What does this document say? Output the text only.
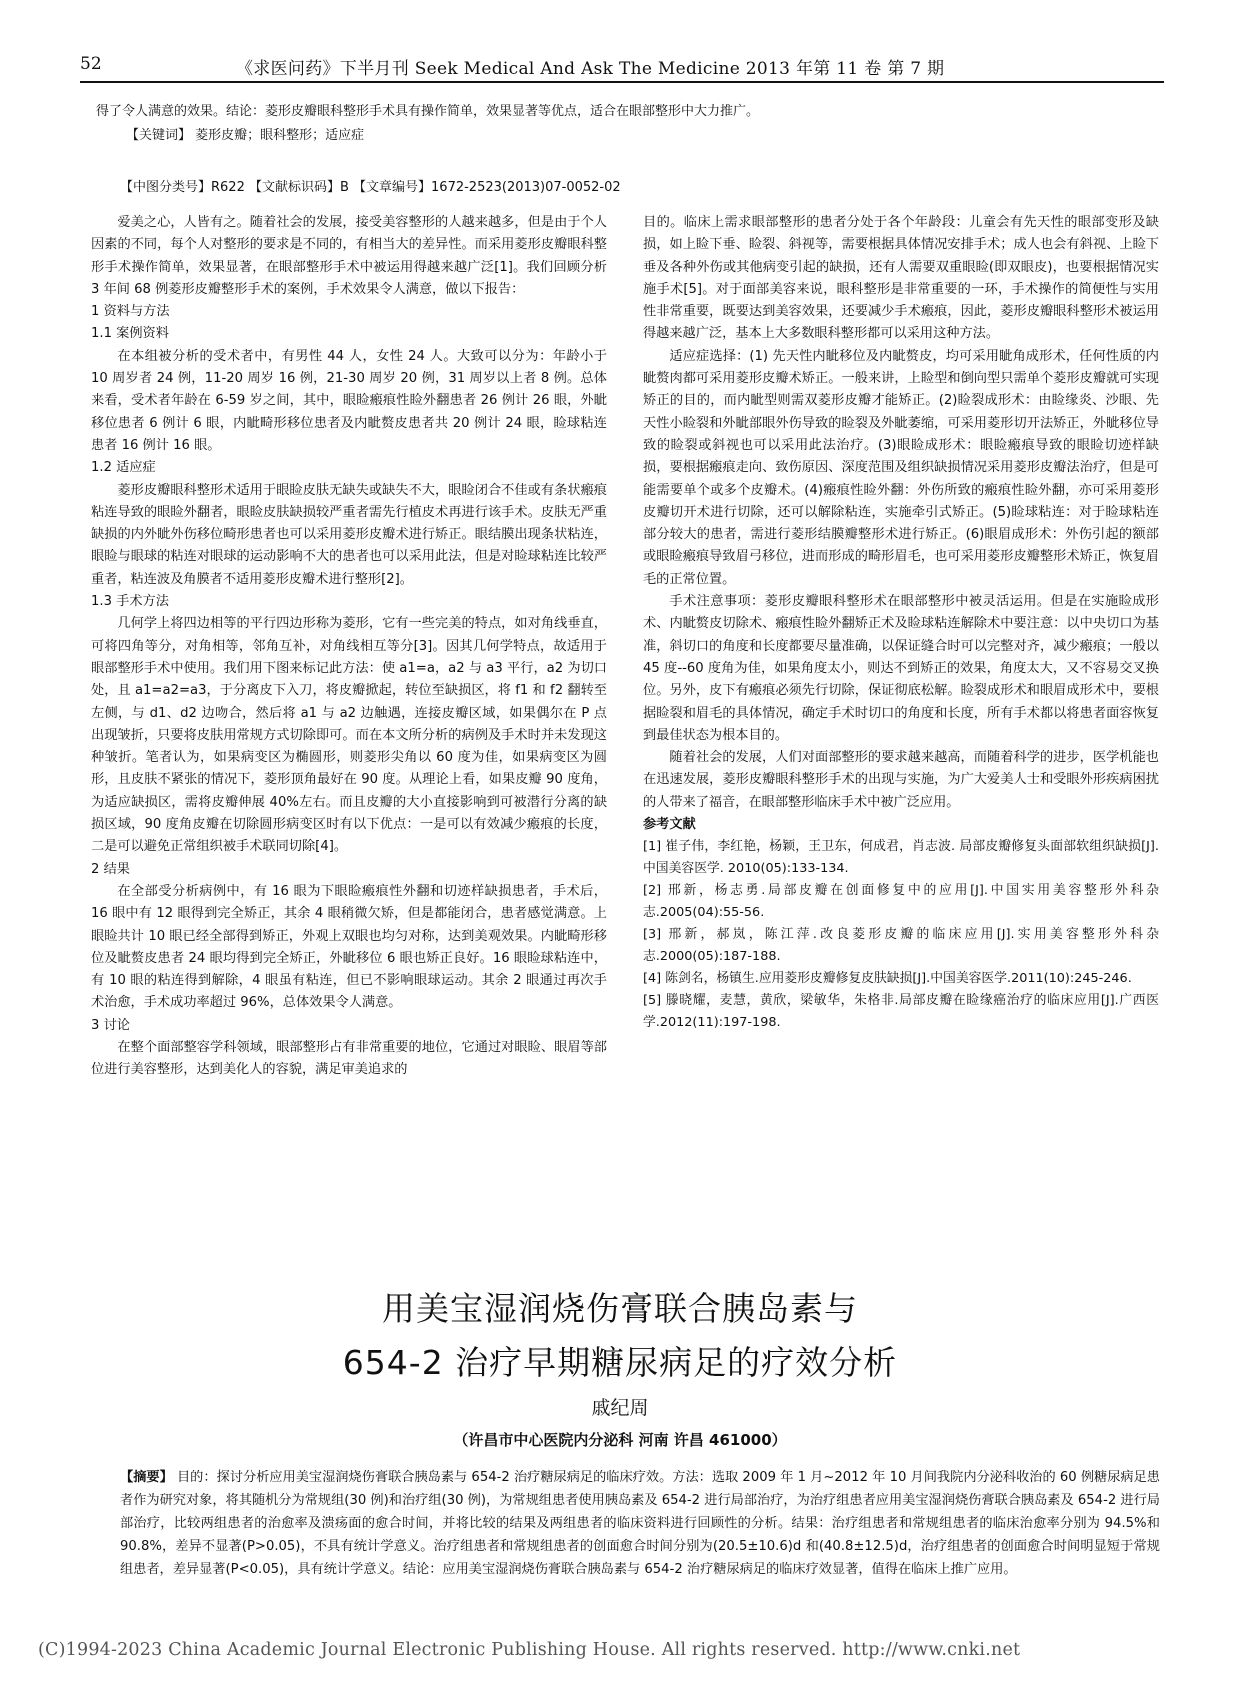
52	《求医问药》下半月刊 Seek Medical And Ask The Medicine 2013 年第 11 卷 第 7 期

得了令人满意的效果。结论：菱形皮瓣眼科整形手术具有操作简单，效果显著等优点，适合在眼部整形中大力推广。

【关键词】 菱形皮瓣；眼科整形；适应症

【中图分类号】R622 【文献标识码】B 【文章编号】1672-2523(2013)07-0052-02

爱美之心，人皆有之。随着社会的发展，接受美容整形的人越来越多，但是由于个人因素的不同，每个人对整形的要求是不同的，有相当大的差异性。而采用菱形皮瓣眼科整形手术操作简单，效果显著，在眼部整形手术中被运用得越来越广泛[1]。我们回顾分析 3 年间 68 例菱形皮瓣整形手术的案例，手术效果令人满意，做以下报告：

1 资料与方法

1.1 案例资料

在本组被分析的受术者中，有男性 44 人，女性 24 人。大致可以分为：年龄小于 10 周岁者 24 例，11-20 周岁 16 例，21-30 周岁 20 例，31 周岁以上者 8 例。总体来看，受术者年龄在 6-59 岁之间，其中，眼睑瘢痕性睑外翻患者 26 例计 26 眼，外眦移位患者 6 例计 6 眼，内眦畸形移位患者及内眦赘皮患者共 20 例计 24 眼，睑球粘连患者 16 例计 16 眼。

1.2 适应症

菱形皮瓣眼科整形术适用于眼睑皮肤无缺失或缺失不大，眼睑闭合不佳或有条状瘢痕粘连导致的眼睑外翻者，眼睑皮肤缺损较严重者需先行植皮术再进行该手术。皮肤无严重缺损的内外眦外伤移位畸形患者也可以采用菱形皮瓣术进行矫正。眼结膜出现条状粘连，眼睑与眼球的粘连对眼球的运动影响不大的患者也可以采用此法，但是对睑球粘连比较严重者，粘连波及角膜者不适用菱形皮瓣术进行整形[2]。

1.3 手术方法

几何学上将四边相等的平行四边形称为菱形，它有一些完美的特点，如对角线垂直，可将四角等分，对角相等，邻角互补，对角线相互等分[3]。因其几何学特点，故适用于眼部整形手术中使用。我们用下图来标记此方法：使 a1=a，a2 与 a3 平行，a2 为切口处，且 a1=a2=a3，于分离皮下入刀，将皮瓣掀起，转位至缺损区，将 f1 和 f2 翻转至左侧，与 d1、d2 边吻合，然后将 a1 与 a2 边触遇，连接皮瓣区域，如果偶尔在 P 点出现皱折，只要将皮肤用常规方式切除即可。而在本文所分析的病例及手术时并未发现这种皱折。笔者认为，如果病变区为椭圆形，则菱形尖角以 60 度为佳，如果病变区为圆形，且皮肤不紧张的情况下，菱形顶角最好在 90 度。从理论上看，如果皮瓣 90 度角，为适应缺损区，需将皮瓣伸展 40%左右。而且皮瓣的大小直接影响到可被潜行分离的缺损区域，90 度角皮瓣在切除圆形病变区时有以下优点：一是可以有效减少瘢痕的长度，二是可以避免正常组织被手术联同切除[4]。

2 结果

在全部受分析病例中，有 16 眼为下眼睑瘢痕性外翻和切迹样缺损患者，手术后，16 眼中有 12 眼得到完全矫正，其余 4 眼稍微欠矫，但是都能闭合，患者感觉满意。上眼睑共计 10 眼已经全部得到矫正，外观上双眼也均匀对称，达到美观效果。内眦畸形移位及眦赘皮患者 24 眼均得到完全矫正，外眦移位 6 眼也矫正良好。16 眼睑球粘连中，有 10 眼的粘连得到解除，4 眼虽有粘连，但已不影响眼球运动。其余 2 眼通过再次手术治愈，手术成功率超过 96%，总体效果令人满意。

3 讨论

在整个面部整容学科领域，眼部整形占有非常重要的地位，它通过对眼睑、眼眉等部位进行美容整形，达到美化人的容貌，满足审美追求的

目的。临床上需求眼部整形的患者分处于各个年龄段：儿童会有先天性的眼部变形及缺损，如上睑下垂、睑裂、斜视等，需要根据具体情况安排手术；成人也会有斜视、上睑下垂及各种外伤或其他病变引起的缺损，还有人需要双重眼睑(即双眼皮)，也要根据情况实施手术[5]。对于面部美容来说，眼科整形是非常重要的一环，手术操作的简便性与实用性非常重要，既要达到美容效果，还要减少手术瘢痕，因此，菱形皮瓣眼科整形术被运用得越来越广泛，基本上大多数眼科整形都可以采用这种方法。

适应症选择：(1) 先天性内眦移位及内眦赘皮，均可采用眦角成形术，任何性质的内眦赘肉都可采用菱形皮瓣术矫正。一般来讲，上睑型和倒向型只需单个菱形皮瓣就可实现矫正的目的，而内眦型则需双菱形皮瓣才能矫正。(2)睑裂成形术：由睑缘炎、沙眼、先天性小睑裂和外眦部眼外伤导致的睑裂及外眦萎缩，可采用菱形切开法矫正，外眦移位导致的睑裂或斜视也可以采用此法治疗。(3)眼睑成形术：眼睑瘢痕导致的眼睑切迹样缺损，要根据瘢痕走向、致伤原因、深度范围及组织缺损情况采用菱形皮瓣法治疗，但是可能需要单个或多个皮瓣术。(4)瘢痕性睑外翻：外伤所致的瘢痕性睑外翻，亦可采用菱形皮瓣切开术进行切除，还可以解除粘连，实施牵引式矫正。(5)睑球粘连：对于睑球粘连部分较大的患者，需进行菱形结膜瓣整形术进行矫正。(6)眼眉成形术：外伤引起的额部或眼睑瘢痕导致眉弓移位，进而形成的畸形眉毛，也可采用菱形皮瓣整形术矫正，恢复眉毛的正常位置。

手术注意事项：菱形皮瓣眼科整形术在眼部整形中被灵活运用。但是在实施睑成形术、内眦赘皮切除术、瘢痕性睑外翻矫正术及睑球粘连解除术中要注意：以中央切口为基准，斜切口的角度和长度都要尽量准确，以保证缝合时可以完整对齐，减少瘢痕；一般以 45 度--60 度角为佳，如果角度太小，则达不到矫正的效果，角度太大，又不容易交叉换位。另外，皮下有瘢痕必须先行切除，保证彻底松解。睑裂成形术和眼眉成形术中，要根据睑裂和眉毛的具体情况，确定手术时切口的角度和长度，所有手术都以将患者面容恢复到最佳状态为根本目的。

随着社会的发展，人们对面部整形的要求越来越高，而随着科学的进步，医学机能也在迅速发展，菱形皮瓣眼科整形手术的出现与实施，为广大爱美人士和受眼外形疾病困扰的人带来了福音，在眼部整形临床手术中被广泛应用。

参考文献

[1] 崔子伟，李红艳，杨颖，王卫东，何成君，肖志波. 局部皮瓣修复头面部软组织缺损[J].中国美容医学. 2010(05):133-134.

[2] 邢新，杨志勇.局部皮瓣在创面修复中的应用[J].中国实用美容整形外科杂志.2005(04):55-56.

[3] 邢新，郝岚，陈江萍.改良菱形皮瓣的临床应用[J].实用美容整形外科杂志.2000(05):187-188.

[4] 陈剑名，杨镇生.应用菱形皮瓣修复皮肤缺损[J].中国美容医学.2011(10):245-246.

[5] 滕晓耀，麦慧，黄欣，梁敏华，朱格非.局部皮瓣在睑缘癌治疗的临床应用[J].广西医学.2012(11):197-198.

用美宝湿润烧伤膏联合胰岛素与
654-2 治疗早期糖尿病足的疗效分析
戚纪周
（许昌市中心医院内分泌科 河南 许昌 461000）
【摘要】 目的：探讨分析应用美宝湿润烧伤膏联合胰岛素与 654-2 治疗糖尿病足的临床疗效。方法：选取 2009 年 1 月~2012 年 10 月间我院内分泌科收治的 60 例糖尿病足患者作为研究对象，将其随机分为常规组(30 例)和治疗组(30 例)，为常规组患者使用胰岛素及 654-2 进行局部治疗，为治疗组患者应用美宝湿润烧伤膏联合胰岛素及 654-2 进行局部治疗，比较两组患者的治愈率及溃疡面的愈合时间，并将比较的结果及两组患者的临床资料进行回顾性的分析。结果：治疗组患者和常规组患者的临床治愈率分别为 94.5%和 90.8%，差异不显著(P>0.05)，不具有统计学意义。治疗组患者和常规组患者的创面愈合时间分别为(20.5±10.6)d 和(40.8±12.5)d，治疗组患者的创面愈合时间明显短于常规组患者，差异显著(P<0.05)，具有统计学意义。结论：应用美宝湿润烧伤膏联合胰岛素与 654-2 治疗糖尿病足的临床疗效显著，值得在临床上推广应用。
(C)1994-2023 China Academic Journal Electronic Publishing House. All rights reserved. http://www.cnki.net
